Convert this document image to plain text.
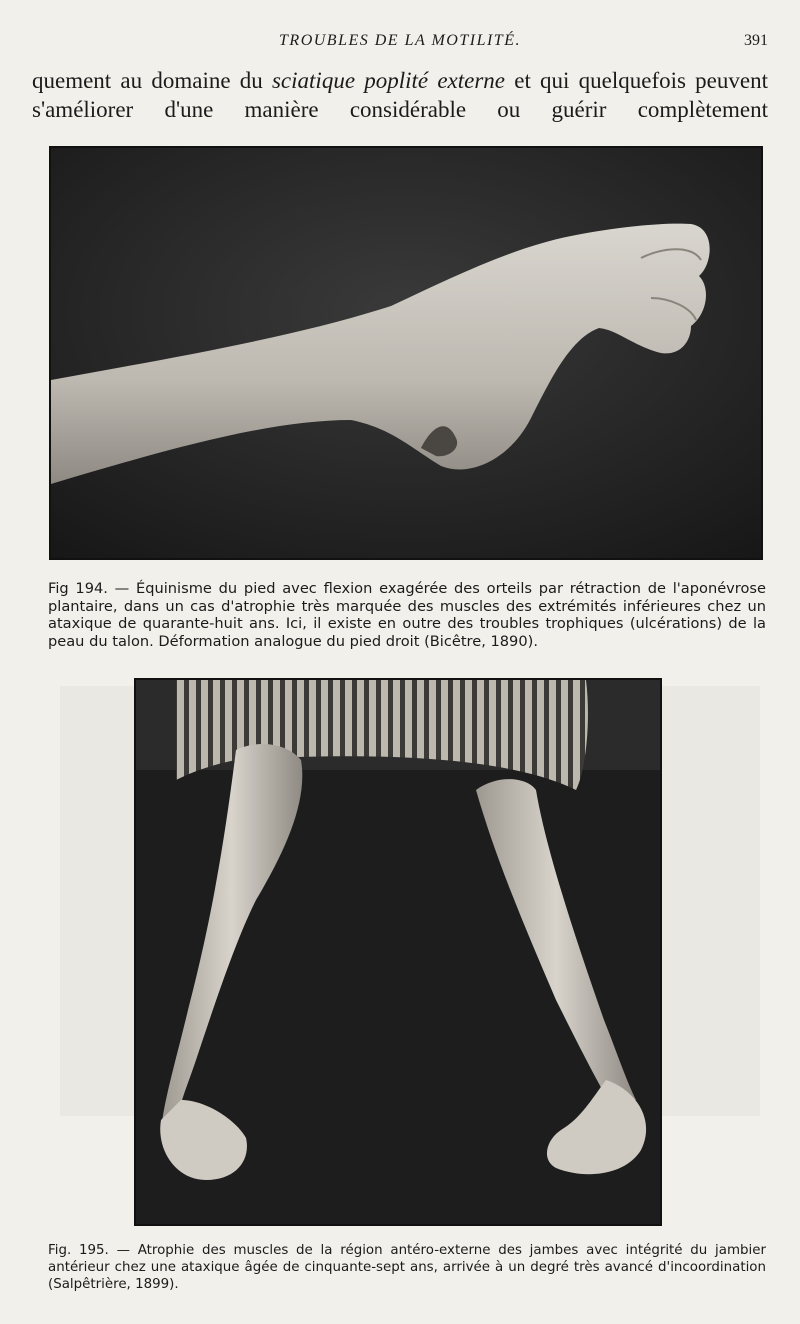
TROUBLES DE LA MOTILITÉ.	391

quement au domaine du sciatique poplité externe et qui quelquefois peuvent s'améliorer d'une manière considérable ou guérir complètement

Fig 194. — Équinisme du pied avec flexion exagérée des orteils par rétraction de l'aponévrose plantaire, dans un cas d'atrophie très marquée des muscles des extrémités inférieures chez un ataxique de quarante-huit ans. Ici, il existe en outre des troubles trophiques (ulcérations) de la peau du talon. Déformation analogue du pied droit (Bicêtre, 1890).

Fig. 195. — Atrophie des muscles de la région antéro-externe des jambes avec intégrité du jambier antérieur chez une ataxique âgée de cinquante-sept ans, arrivée à un degré très avancé d'incoordination (Salpêtrière, 1899).
